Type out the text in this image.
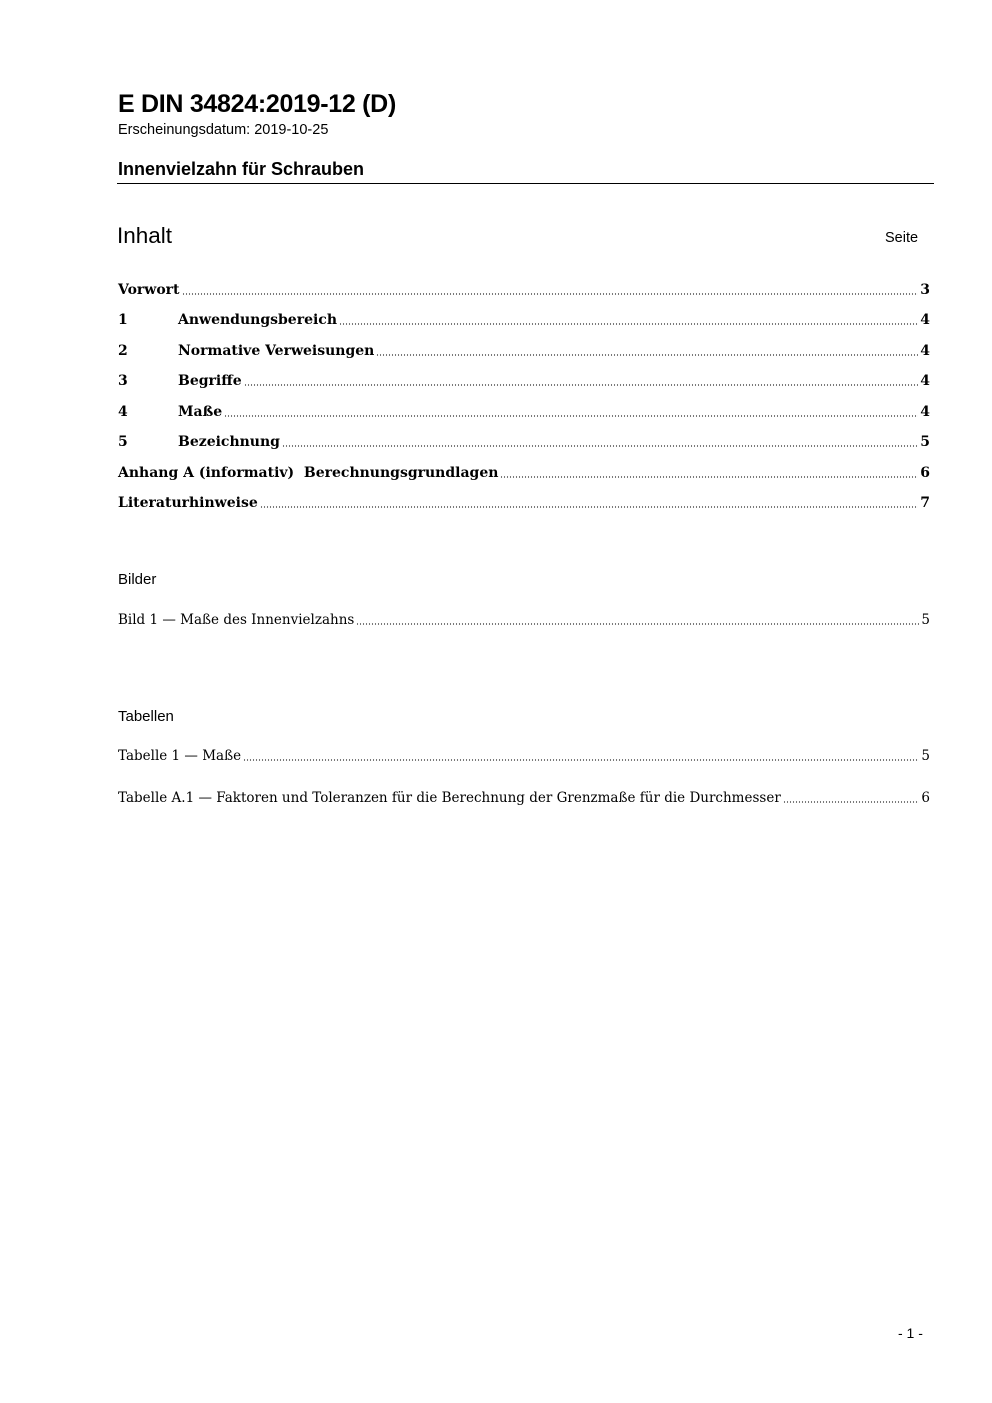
E DIN 34824:2019-12 (D)
Erscheinungsdatum: 2019-10-25
Innenvielzahn für Schrauben
Inhalt	Seite
Vorwort	3
1	Anwendungsbereich	4
2	Normative Verweisungen	4
3	Begriffe	4
4	Maße	4
5	Bezeichnung	5
Anhang A (informativ)  Berechnungsgrundlagen	6
Literaturhinweise	7
Bilder
Bild 1 — Maße des Innenvielzahns	5
Tabellen
Tabelle 1 — Maße	5
Tabelle A.1 — Faktoren und Toleranzen für die Berechnung der Grenzmaße für die Durchmesser	6
- 1 -
